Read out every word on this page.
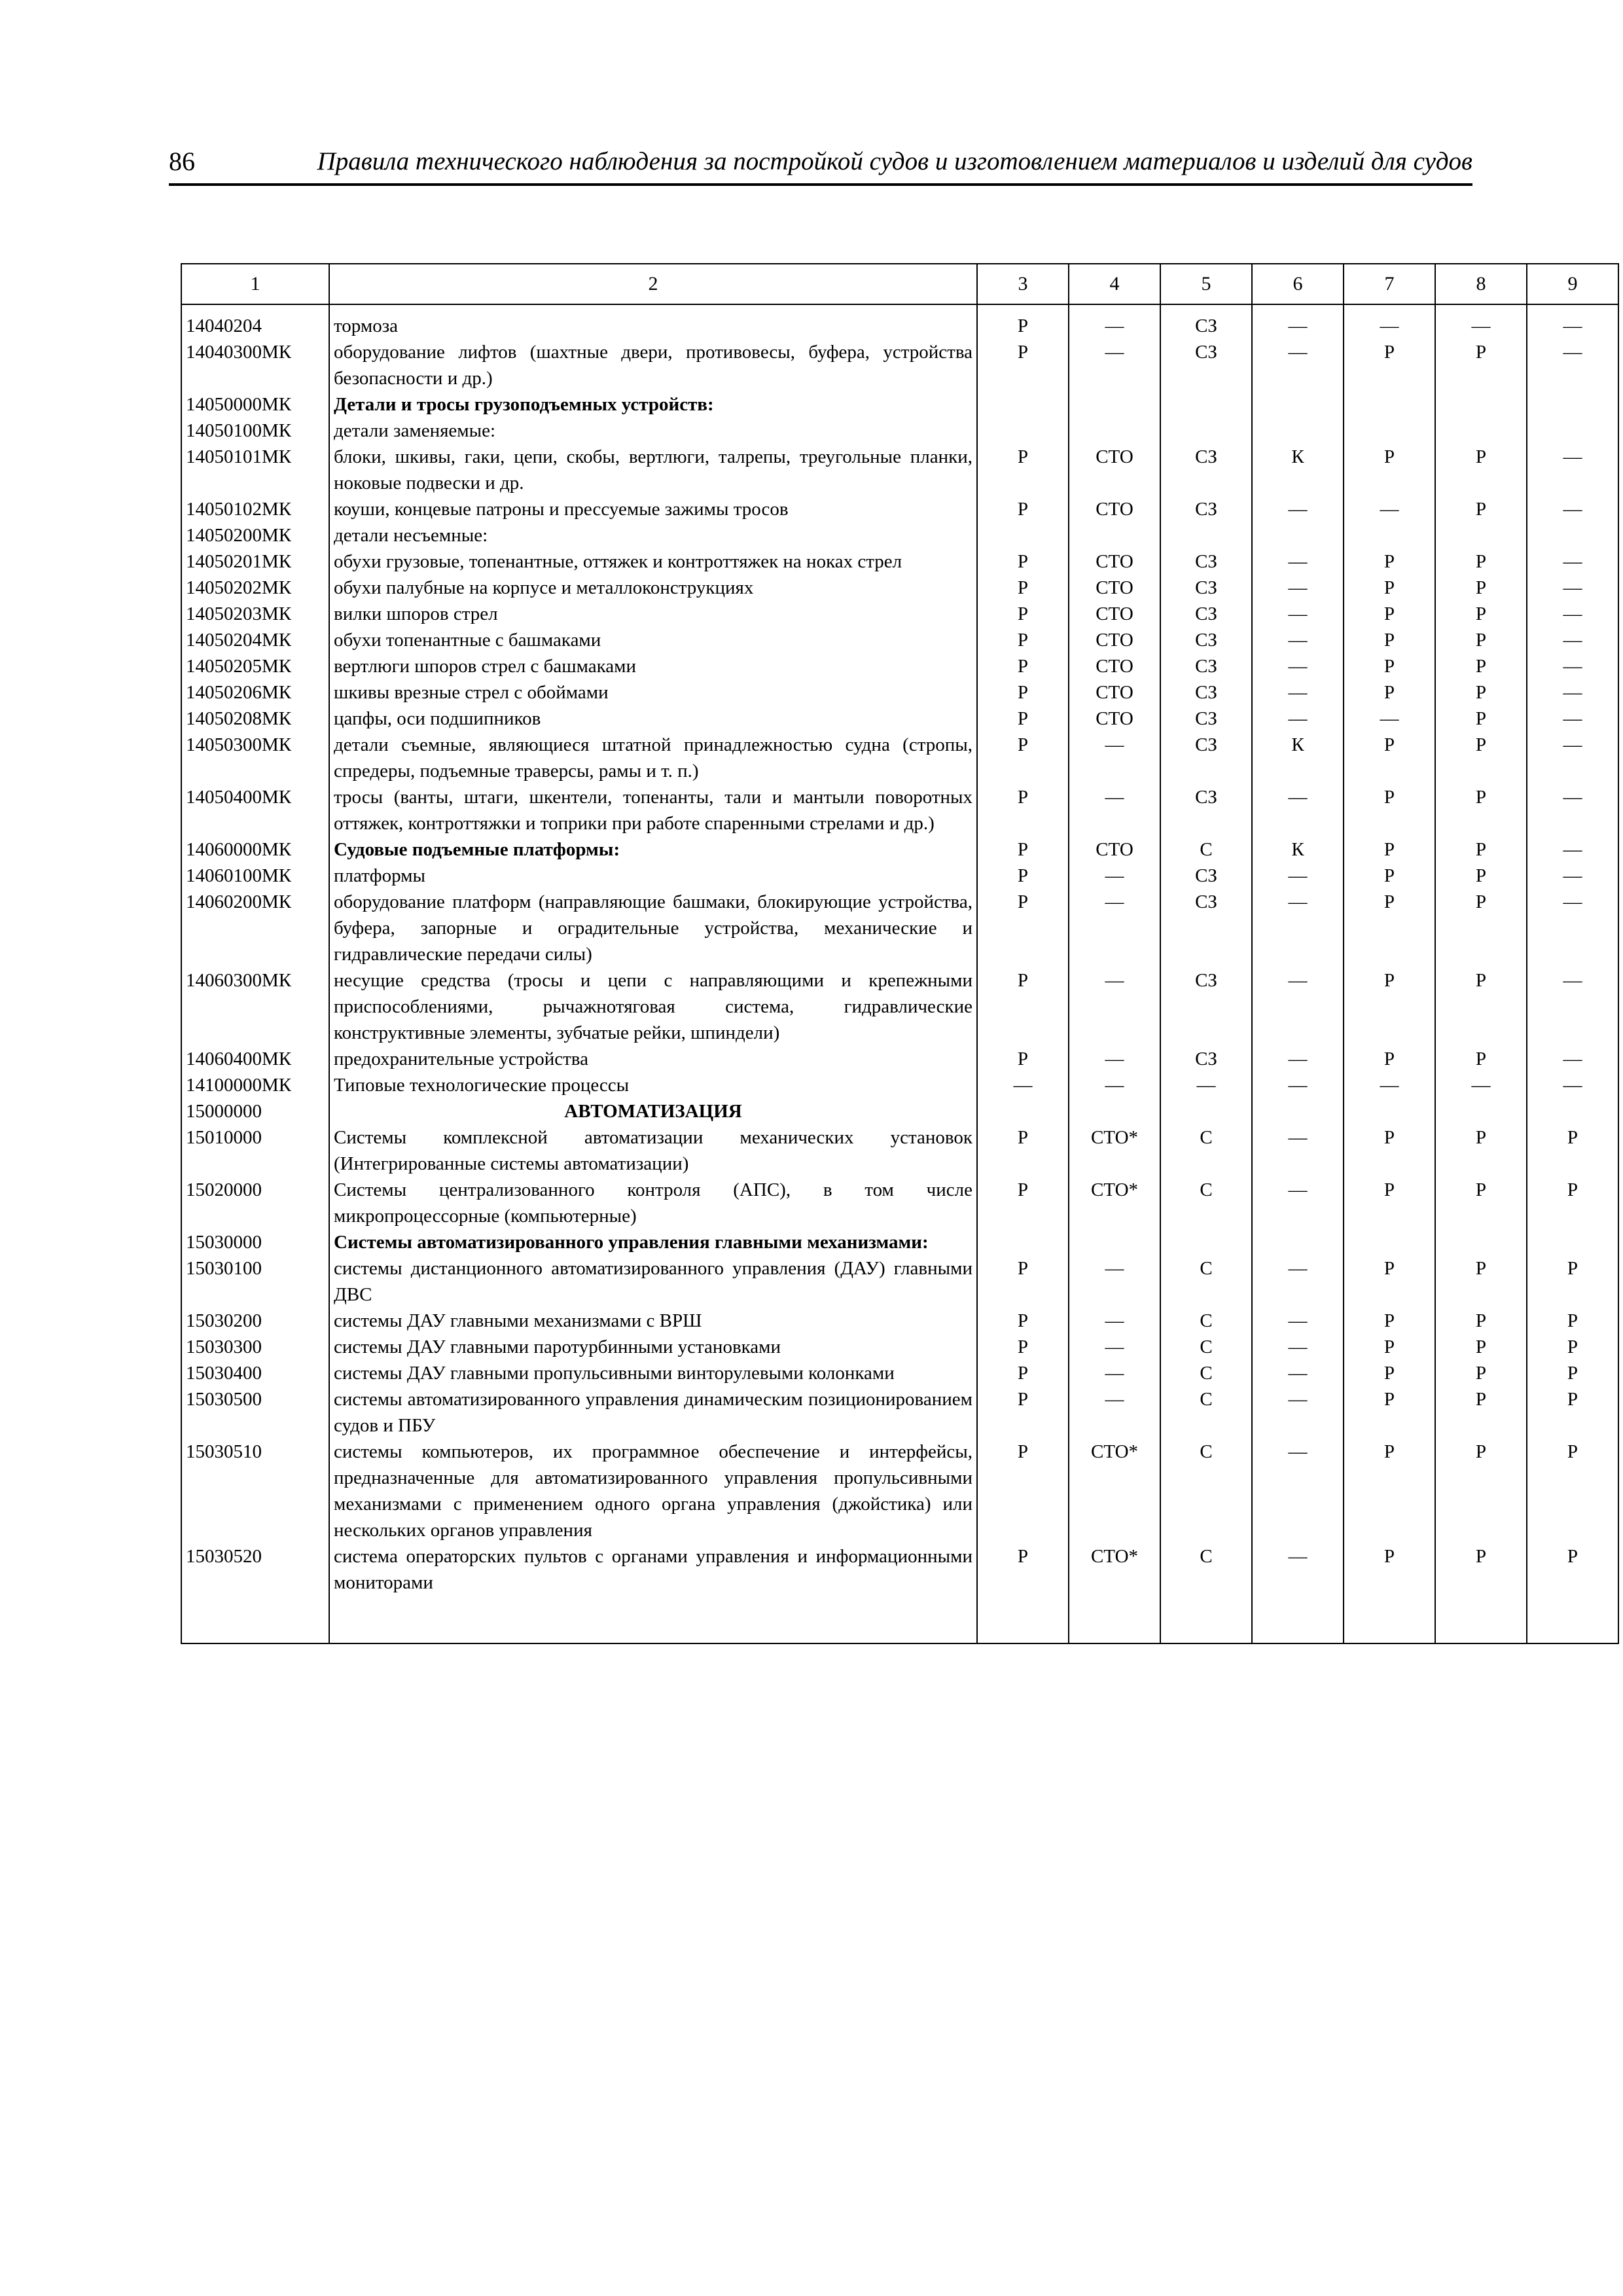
86	Правила технического наблюдения за постройкой судов и изготовлением материалов и изделий для судов
1	2	3	4	5	6	7	8	9
14040204	тормоза	Р	—	СЗ	—	—	—	—
14040300МК	оборудование лифтов (шахтные двери, противовесы, буфера, устройства безопасности и др.)	Р	—	СЗ	—	Р	Р	—
14050000МК	Детали и тросы грузоподъемных устройств:							
14050100МК	детали заменяемые:							
14050101МК	блоки, шкивы, гаки, цепи, скобы, вертлюги, талрепы, треугольные планки, ноковые подвески и др.	Р	СТО	СЗ	К	Р	Р	—
14050102МК	коуши, концевые патроны и прессуемые зажимы тросов	Р	СТО	СЗ	—	—	Р	—
14050200МК	детали несъемные:							
14050201МК	обухи грузовые, топенантные, оттяжек и контроттяжек на ноках стрел	Р	СТО	СЗ	—	Р	Р	—
14050202МК	обухи палубные на корпусе и металлоконструкциях	Р	СТО	СЗ	—	Р	Р	—
14050203МК	вилки шпоров стрел	Р	СТО	СЗ	—	Р	Р	—
14050204МК	обухи топенантные с башмаками	Р	СТО	СЗ	—	Р	Р	—
14050205МК	вертлюги шпоров стрел с башмаками	Р	СТО	СЗ	—	Р	Р	—
14050206МК	шкивы врезные стрел с обоймами	Р	СТО	СЗ	—	Р	Р	—
14050208МК	цапфы, оси подшипников	Р	СТО	СЗ	—	—	Р	—
14050300МК	детали съемные, являющиеся штатной принадлежностью судна (стропы, спредеры, подъемные траверсы, рамы и т. п.)	Р	—	СЗ	К	Р	Р	—
14050400МК	тросы (ванты, штаги, шкентели, топенанты, тали и мантыли поворотных оттяжек, контроттяжки и топрики при работе спаренными стрелами и др.)	Р	—	СЗ	—	Р	Р	—
14060000МК	Судовые подъемные платформы:	Р	СТО	С	К	Р	Р	—
14060100МК	платформы	Р	—	СЗ	—	Р	Р	—
14060200МК	оборудование платформ (направляющие башмаки, блокирующие устройства, буфера, запорные и оградительные устройства, механические и гидравлические передачи силы)	Р	—	СЗ	—	Р	Р	—
14060300МК	несущие средства (тросы и цепи с направляющими и крепежными приспособлениями, рычажнотяговая система, гидравлические конструктивные элементы, зубчатые рейки, шпиндели)	Р	—	СЗ	—	Р	Р	—
14060400МК	предохранительные устройства	Р	—	СЗ	—	Р	Р	—
14100000МК	Типовые технологические процессы	—	—	—	—	—	—	—
15000000	АВТОМАТИЗАЦИЯ							
15010000	Системы комплексной автоматизации механических установок (Интегрированные системы автоматизации)	Р	СТО*	С	—	Р	Р	Р
15020000	Системы централизованного контроля (АПС), в том числе микропроцессорные (компьютерные)	Р	СТО*	С	—	Р	Р	Р
15030000	Системы автоматизированного управления главными механизмами:							
15030100	системы дистанционного автоматизированного управления (ДАУ) главными ДВС	Р	—	С	—	Р	Р	Р
15030200	системы ДАУ главными механизмами с ВРШ	Р	—	С	—	Р	Р	Р
15030300	системы ДАУ главными паротурбинными установками	Р	—	С	—	Р	Р	Р
15030400	системы ДАУ главными пропульсивными винторулевыми колонками	Р	—	С	—	Р	Р	Р
15030500	системы автоматизированного управления динамическим позиционированием судов и ПБУ	Р	—	С	—	Р	Р	Р
15030510	системы компьютеров, их программное обеспечение и интерфейсы, предназначенные для автоматизированного управления пропульсивными механизмами с применением одного органа управления (джойстика) или нескольких органов управления	Р	СТО*	С	—	Р	Р	Р
15030520	система операторских пультов с органами управления и информационными мониторами	Р	СТО*	С	—	Р	Р	Р
